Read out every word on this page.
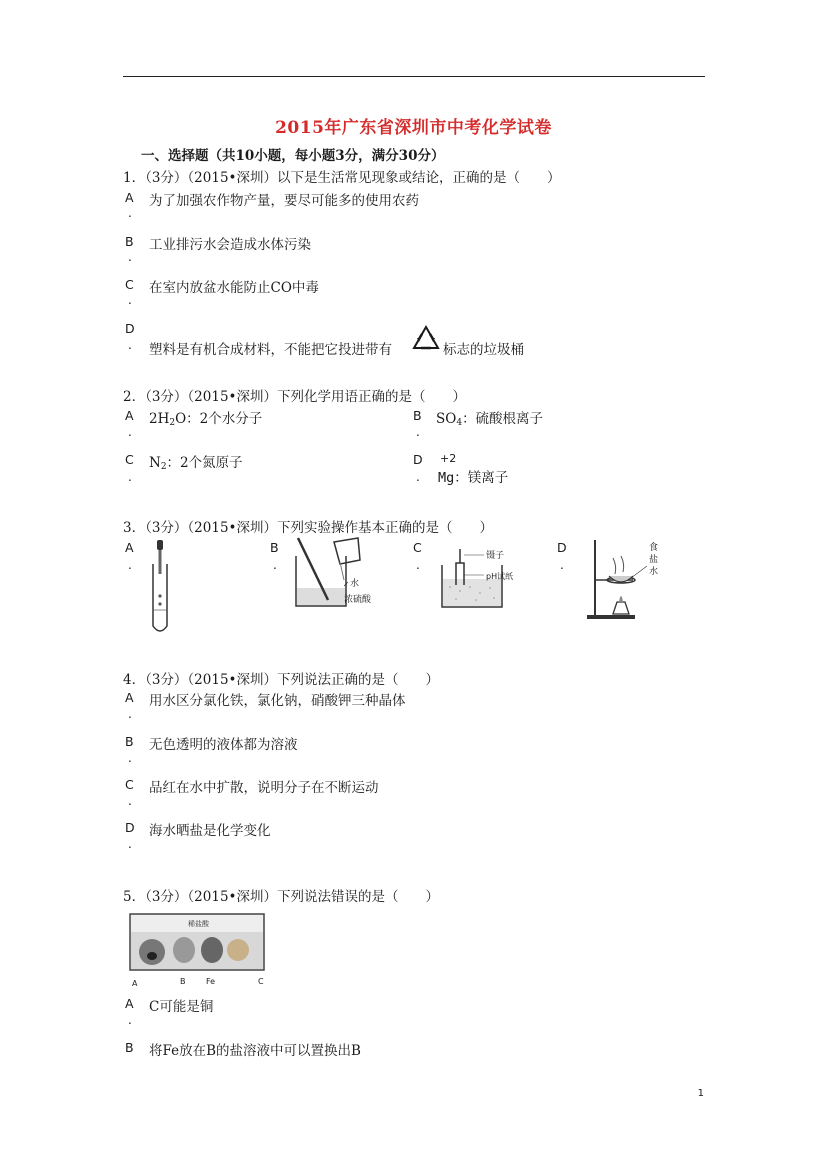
2015年广东省深圳市中考化学试卷
一、选择题（共10小题，每小题3分，满分30分）
1．（3分）（2015•深圳）以下是生活常见现象或结论，正确的是（　　）
A
.
为了加强农作物产量，要尽可能多的使用农药
B
.
工业排污水会造成水体污染
C
.
在室内放盆水能防止CO中毒
D
. 塑料是有机合成材料，不能把它投进带有	标志的垃圾桶
2．（3分）（2015•深圳）下列化学用语正确的是（　　）
A
.
$2H_2O$：2个水分子	B
.
$SO_4$：硫酸根离子
C
.
$N_2$：2个氮原子	D
.
+2
Mg：镁离子
3．（3分）（2015•深圳）下列实验操作基本正确的是（　　）
A
.
B
.
水
浓硫酸
C
.
镊子
pH试纸
D
.
食
盐
水
4．（3分）（2015•深圳）下列说法正确的是（　　）
A
.
用水区分氯化铁，氯化钠，硝酸钾三种晶体
B
.
无色透明的液体都为溶液
C
.
品红在水中扩散，说明分子在不断运动
D
.
海水晒盐是化学变化
5．（3分）（2015•深圳）下列说法错误的是（　　）
稀盐酸
A	B	Fe	C
A
.
C可能是铜
B 将Fe放在B的盐溶液中可以置换出B
1
